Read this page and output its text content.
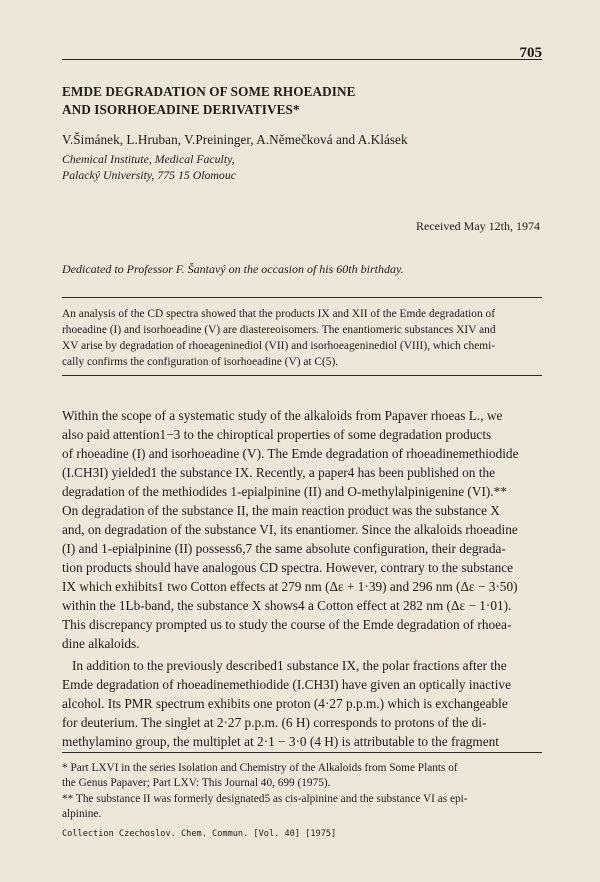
705
EMDE DEGRADATION OF SOME RHOEADINE
AND ISORHOEADINE DERIVATIVES*
V.Šimánek, L.Hruban, V.Preininger, A.Němečková and A.Klásek
Chemical Institute, Medical Faculty,
Palacký University, 775 15 Olomouc
Received May 12th, 1974
Dedicated to Professor F. Šantavý on the occasion of his 60th birthday.
An analysis of the CD spectra showed that the products IX and XII of the Emde degradation of
rhoeadine (I) and isorhoeadine (V) are diastereoisomers. The enantiomeric substances XIV and
XV arise by degradation of rhoeageninediol (VII) and isorhoeageninediol (VIII), which chemi-
cally confirms the configuration of isorhoeadine (V) at C(5).
Within the scope of a systematic study of the alkaloids from Papaver rhoeas L., we
also paid attention1−3 to the chiroptical properties of some degradation products
of rhoeadine (I) and isorhoeadine (V). The Emde degradation of rhoeadinemethiodide
(I.CH3I) yielded1 the substance IX. Recently, a paper4 has been published on the
degradation of the methiodides 1-epialpinine (II) and O-methylalpinigenine (VI).**
On degradation of the substance II, the main reaction product was the substance X
and, on degradation of the substance VI, its enantiomer. Since the alkaloids rhoeadine
(I) and 1-epialpinine (II) possess6,7 the same absolute configuration, their degrada-
tion products should have analogous CD spectra. However, contrary to the substance
IX which exhibits1 two Cotton effects at 279 nm (Δε + 1·39) and 296 nm (Δε − 3·50)
within the 1Lb-band, the substance X shows4 a Cotton effect at 282 nm (Δε − 1·01).
This discrepancy prompted us to study the course of the Emde degradation of rhoea-
dine alkaloids.
In addition to the previously described1 substance IX, the polar fractions after the
Emde degradation of rhoeadinemethiodide (I.CH3I) have given an optically inactive
alcohol. Its PMR spectrum exhibits one proton (4·27 p.p.m.) which is exchangeable
for deuterium. The singlet at 2·27 p.p.m. (6 H) corresponds to protons of the di-
methylamino group, the multiplet at 2·1 − 3·0 (4 H) is attributable to the fragment
* Part LXVI in the series Isolation and Chemistry of the Alkaloids from Some Plants of
the Genus Papaver; Part LXV: This Journal 40, 699 (1975).
** The substance II was formerly designated5 as cis-alpinine and the substance VI as epi-
alpinine.
Collection Czechoslov. Chem. Commun. [Vol. 40] [1975]
